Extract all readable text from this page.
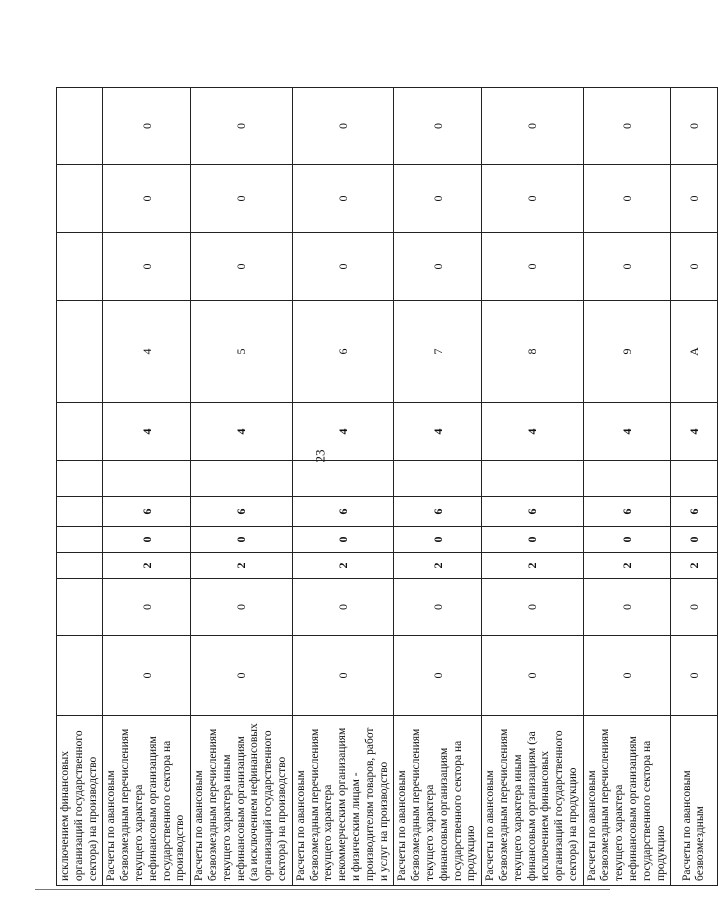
23
исключением финансовых организаций государственного сектора) на производство											
Расчеты по авансовым безвозмездным перечислениям текущего характера нефинансовым организациям государственного сектора на производство	0	0	2	0	6		4	4	0	0	0
Расчеты по авансовым безвозмездным перечислениям текущего характера иным нефинансовым организациям (за исключением нефинансовых организаций государственного сектора) на производство	0	0	2	0	6		4	5	0	0	0
Расчеты по авансовым безвозмездным перечислениям текущего характера некоммерческим организациям и физическим лицам - производителям товаров, работ и услуг на производство	0	0	2	0	6		4	6	0	0	0
Расчеты по авансовым безвозмездным перечислениям текущего характера финансовым организациям государственного сектора на продукцию	0	0	2	0	6		4	7	0	0	0
Расчеты по авансовым безвозмездным перечислениям текущего характера иным финансовым организациям (за исключением финансовых организаций государственного сектора) на продукцию	0	0	2	0	6		4	8	0	0	0
Расчеты по авансовым безвозмездным перечислениям текущего характера нефинансовым организациям государственного сектора на продукцию	0	0	2	0	6		4	9	0	0	0
Расчеты по авансовым безвозмездным	0	0	2	0	6		4	А	0	0	0
